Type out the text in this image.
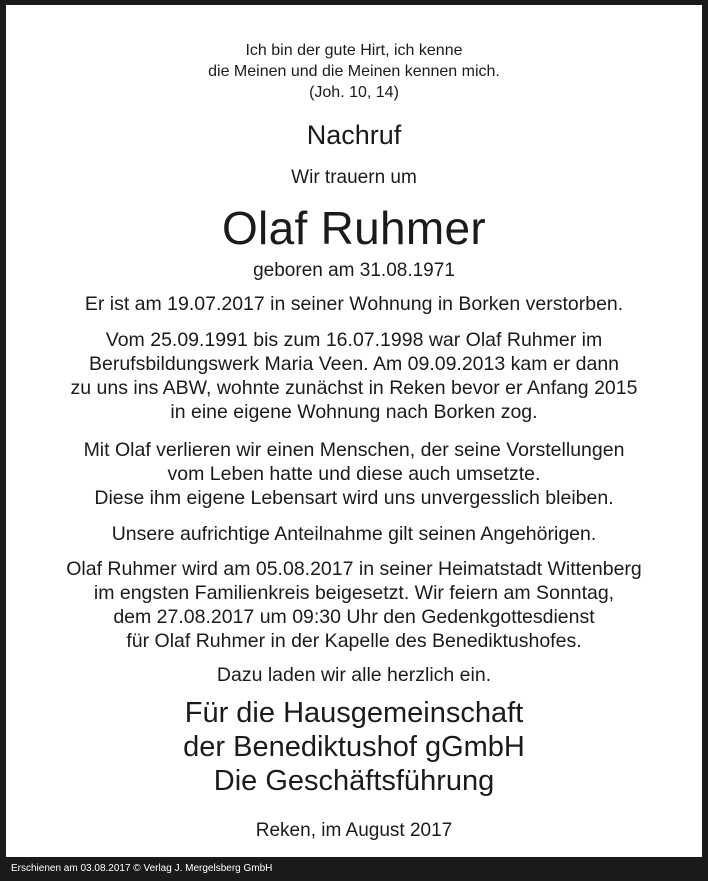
Ich bin der gute Hirt, ich kenne
die Meinen und die Meinen kennen mich.
(Joh. 10, 14)
Nachruf
Wir trauern um
Olaf Ruhmer
geboren am 31.08.1971
Er ist am 19.07.2017 in seiner Wohnung in Borken verstorben.
Vom 25.09.1991 bis zum 16.07.1998 war Olaf Ruhmer im
Berufsbildungswerk Maria Veen. Am 09.09.2013 kam er dann
zu uns ins ABW, wohnte zunächst in Reken bevor er Anfang 2015
in eine eigene Wohnung nach Borken zog.
Mit Olaf verlieren wir einen Menschen, der seine Vorstellungen
vom Leben hatte und diese auch umsetzte.
Diese ihm eigene Lebensart wird uns unvergesslich bleiben.
Unsere aufrichtige Anteilnahme gilt seinen Angehörigen.
Olaf Ruhmer wird am 05.08.2017 in seiner Heimatstadt Wittenberg
im engsten Familienkreis beigesetzt. Wir feiern am Sonntag,
dem 27.08.2017 um 09:30 Uhr den Gedenkgottesdienst
für Olaf Ruhmer in der Kapelle des Benediktushofes.
Dazu laden wir alle herzlich ein.
Für die Hausgemeinschaft
der Benediktushof gGmbH
Die Geschäftsführung
Reken, im August 2017
Erschienen am 03.08.2017 © Verlag J. Mergelsberg GmbH
